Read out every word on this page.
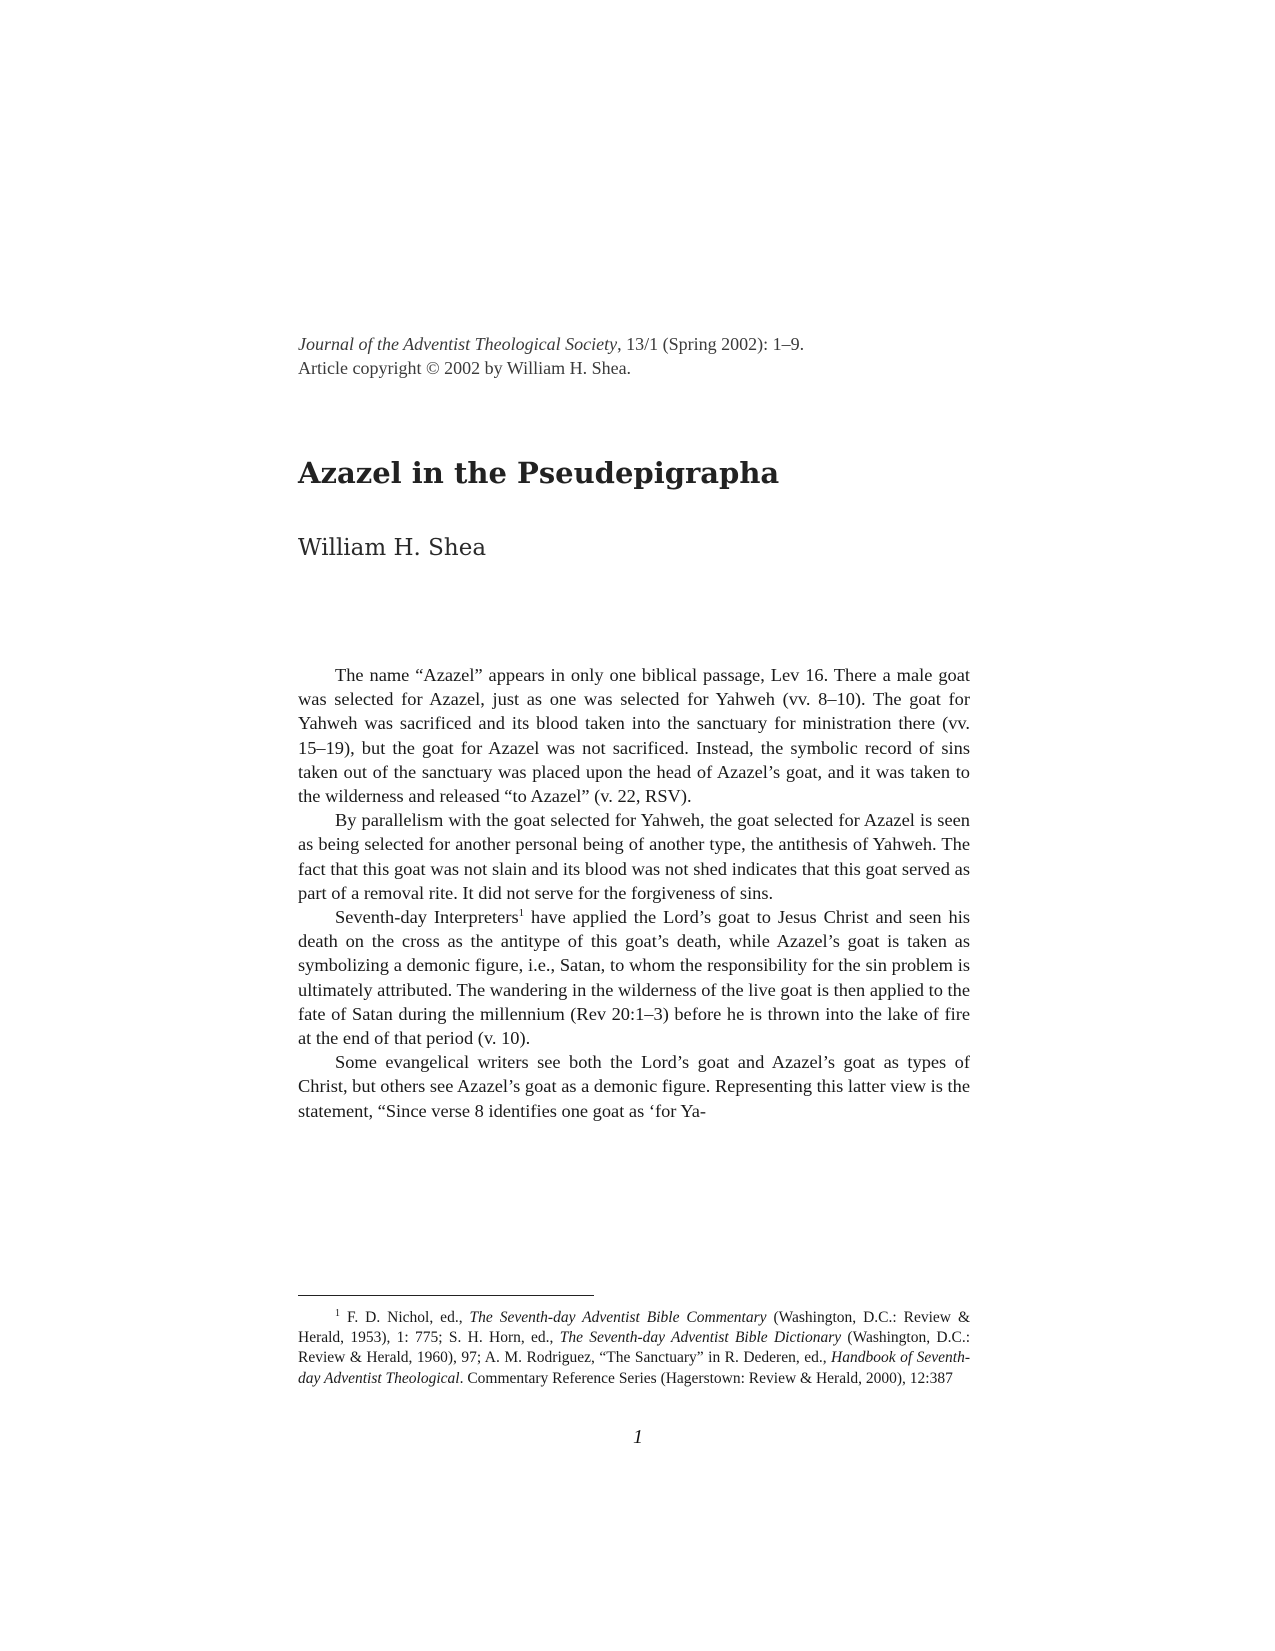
Journal of the Adventist Theological Society, 13/1 (Spring 2002): 1–9.
Article copyright © 2002 by William H. Shea.
Azazel in the Pseudepigrapha

William H. Shea

The name “Azazel” appears in only one biblical passage, Lev 16. There a male goat was selected for Azazel, just as one was selected for Yahweh (vv. 8–10). The goat for Yahweh was sacrificed and its blood taken into the sanctuary for ministration there (vv. 15–19), but the goat for Azazel was not sacrificed. Instead, the symbolic record of sins taken out of the sanctuary was placed upon the head of Azazel’s goat, and it was taken to the wilderness and released “to Azazel” (v. 22, RSV).

By parallelism with the goat selected for Yahweh, the goat selected for Azazel is seen as being selected for another personal being of another type, the antithesis of Yahweh. The fact that this goat was not slain and its blood was not shed indicates that this goat served as part of a removal rite. It did not serve for the forgiveness of sins.

Seventh-day Interpreters$^1$ have applied the Lord’s goat to Jesus Christ and seen his death on the cross as the antitype of this goat’s death, while Azazel’s goat is taken as symbolizing a demonic figure, i.e., Satan, to whom the responsibility for the sin problem is ultimately attributed. The wandering in the wilderness of the live goat is then applied to the fate of Satan during the millennium (Rev 20:1–3) before he is thrown into the lake of fire at the end of that period (v. 10).

Some evangelical writers see both the Lord’s goat and Azazel’s goat as types of Christ, but others see Azazel’s goat as a demonic figure. Representing this latter view is the statement, “Since verse 8 identifies one goat as ‘for Ya-

$^1$ F. D. Nichol, ed., The Seventh-day Adventist Bible Commentary (Washington, D.C.: Review & Herald, 1953), 1: 775; S. H. Horn, ed., The Seventh-day Adventist Bible Dictionary (Washington, D.C.: Review & Herald, 1960), 97; A. M. Rodriguez, “The Sanctuary” in R. Dederen, ed., Handbook of Seventh-day Adventist Theological. Commentary Reference Series (Hagerstown: Review & Herald, 2000), 12:387
1
